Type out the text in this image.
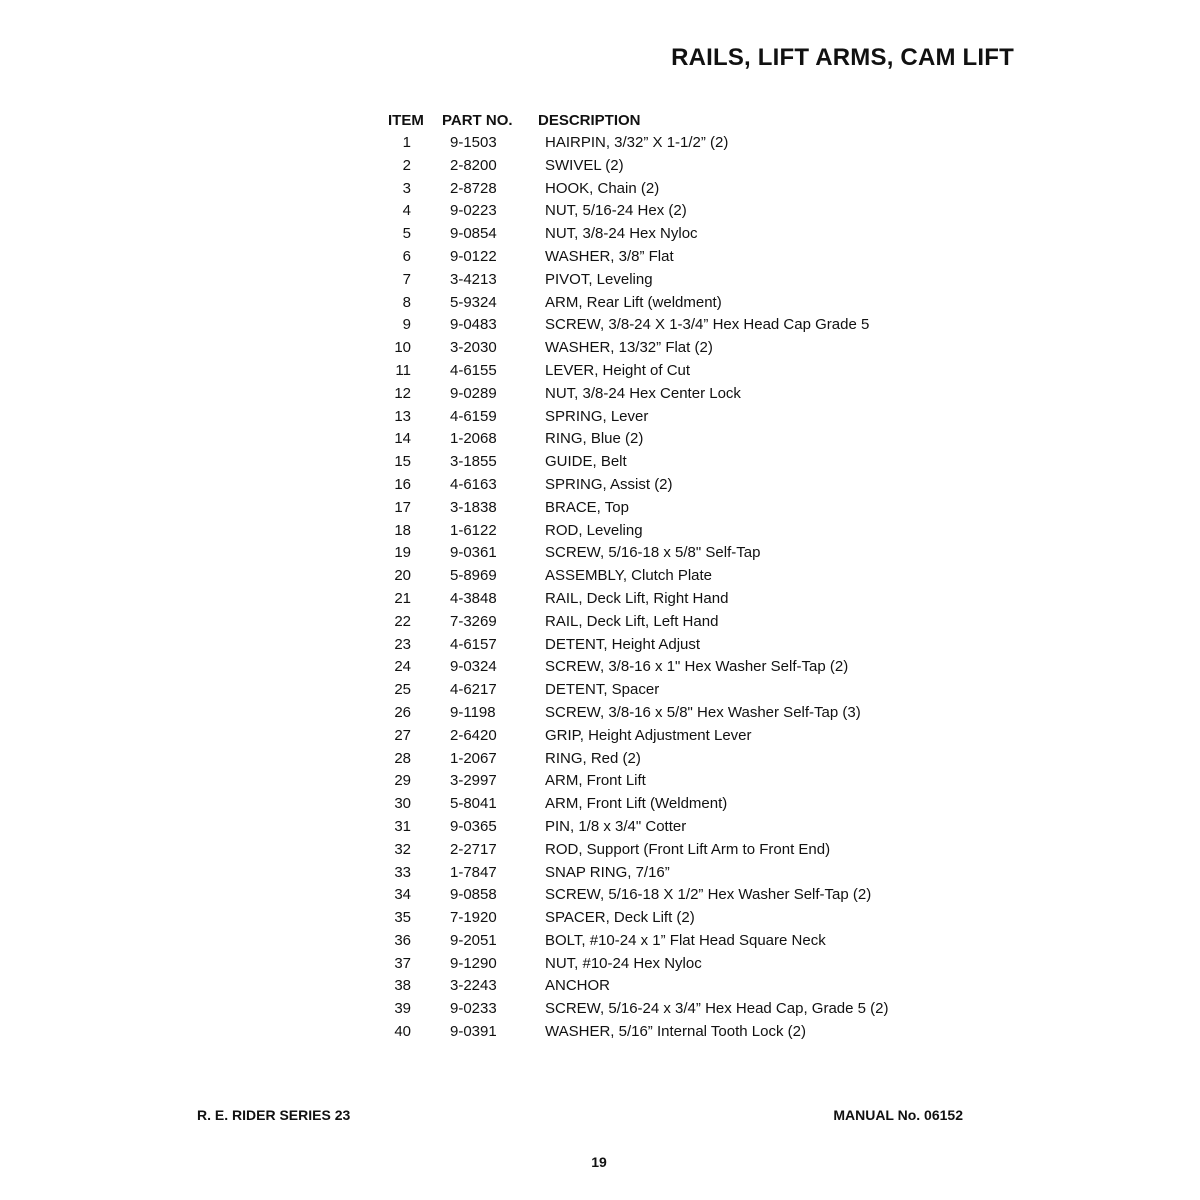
RAILS, LIFT ARMS, CAM LIFT
ITEM PART NO. DESCRIPTION
1	9-1503	HAIRPIN, 3/32” X 1-1/2” (2)
2	2-8200	SWIVEL (2)
3	2-8728	HOOK, Chain (2)
4	9-0223	NUT, 5/16-24 Hex (2)
5	9-0854	NUT, 3/8-24 Hex Nyloc
6	9-0122	WASHER, 3/8” Flat
7	3-4213	PIVOT, Leveling
8	5-9324	ARM, Rear Lift (weldment)
9	9-0483	SCREW, 3/8-24 X 1-3/4” Hex Head Cap Grade 5
10	3-2030	WASHER, 13/32” Flat (2)
11	4-6155	LEVER, Height of Cut
12	9-0289	NUT, 3/8-24 Hex Center Lock
13	4-6159	SPRING, Lever
14	1-2068	RING, Blue (2)
15	3-1855	GUIDE, Belt
16	4-6163	SPRING, Assist (2)
17	3-1838	BRACE, Top
18	1-6122	ROD, Leveling
19	9-0361	SCREW, 5/16-18 x 5/8" Self-Tap
20	5-8969	ASSEMBLY, Clutch Plate
21	4-3848	RAIL, Deck Lift, Right Hand
22	7-3269	RAIL, Deck Lift, Left Hand
23	4-6157	DETENT, Height Adjust
24	9-0324	SCREW, 3/8-16 x 1" Hex Washer Self-Tap (2)
25	4-6217	DETENT, Spacer
26	9-1198	SCREW, 3/8-16 x 5/8" Hex Washer Self-Tap (3)
27	2-6420	GRIP, Height Adjustment Lever
28	1-2067	RING, Red (2)
29	3-2997	ARM, Front Lift
30	5-8041	ARM, Front Lift (Weldment)
31	9-0365	PIN, 1/8 x 3/4" Cotter
32	2-2717	ROD, Support (Front Lift Arm to Front End)
33	1-7847	SNAP RING, 7/16”
34	9-0858	SCREW, 5/16-18 X 1/2” Hex Washer Self-Tap (2)
35	7-1920	SPACER, Deck Lift (2)
36	9-2051	BOLT, #10-24 x 1” Flat Head Square Neck
37	9-1290	NUT, #10-24 Hex Nyloc
38	3-2243	ANCHOR
39	9-0233	SCREW, 5/16-24 x 3/4” Hex Head Cap, Grade 5 (2)
40	9-0391	WASHER, 5/16” Internal Tooth Lock (2)
R. E. RIDER SERIES 23	MANUAL No. 06152
19
